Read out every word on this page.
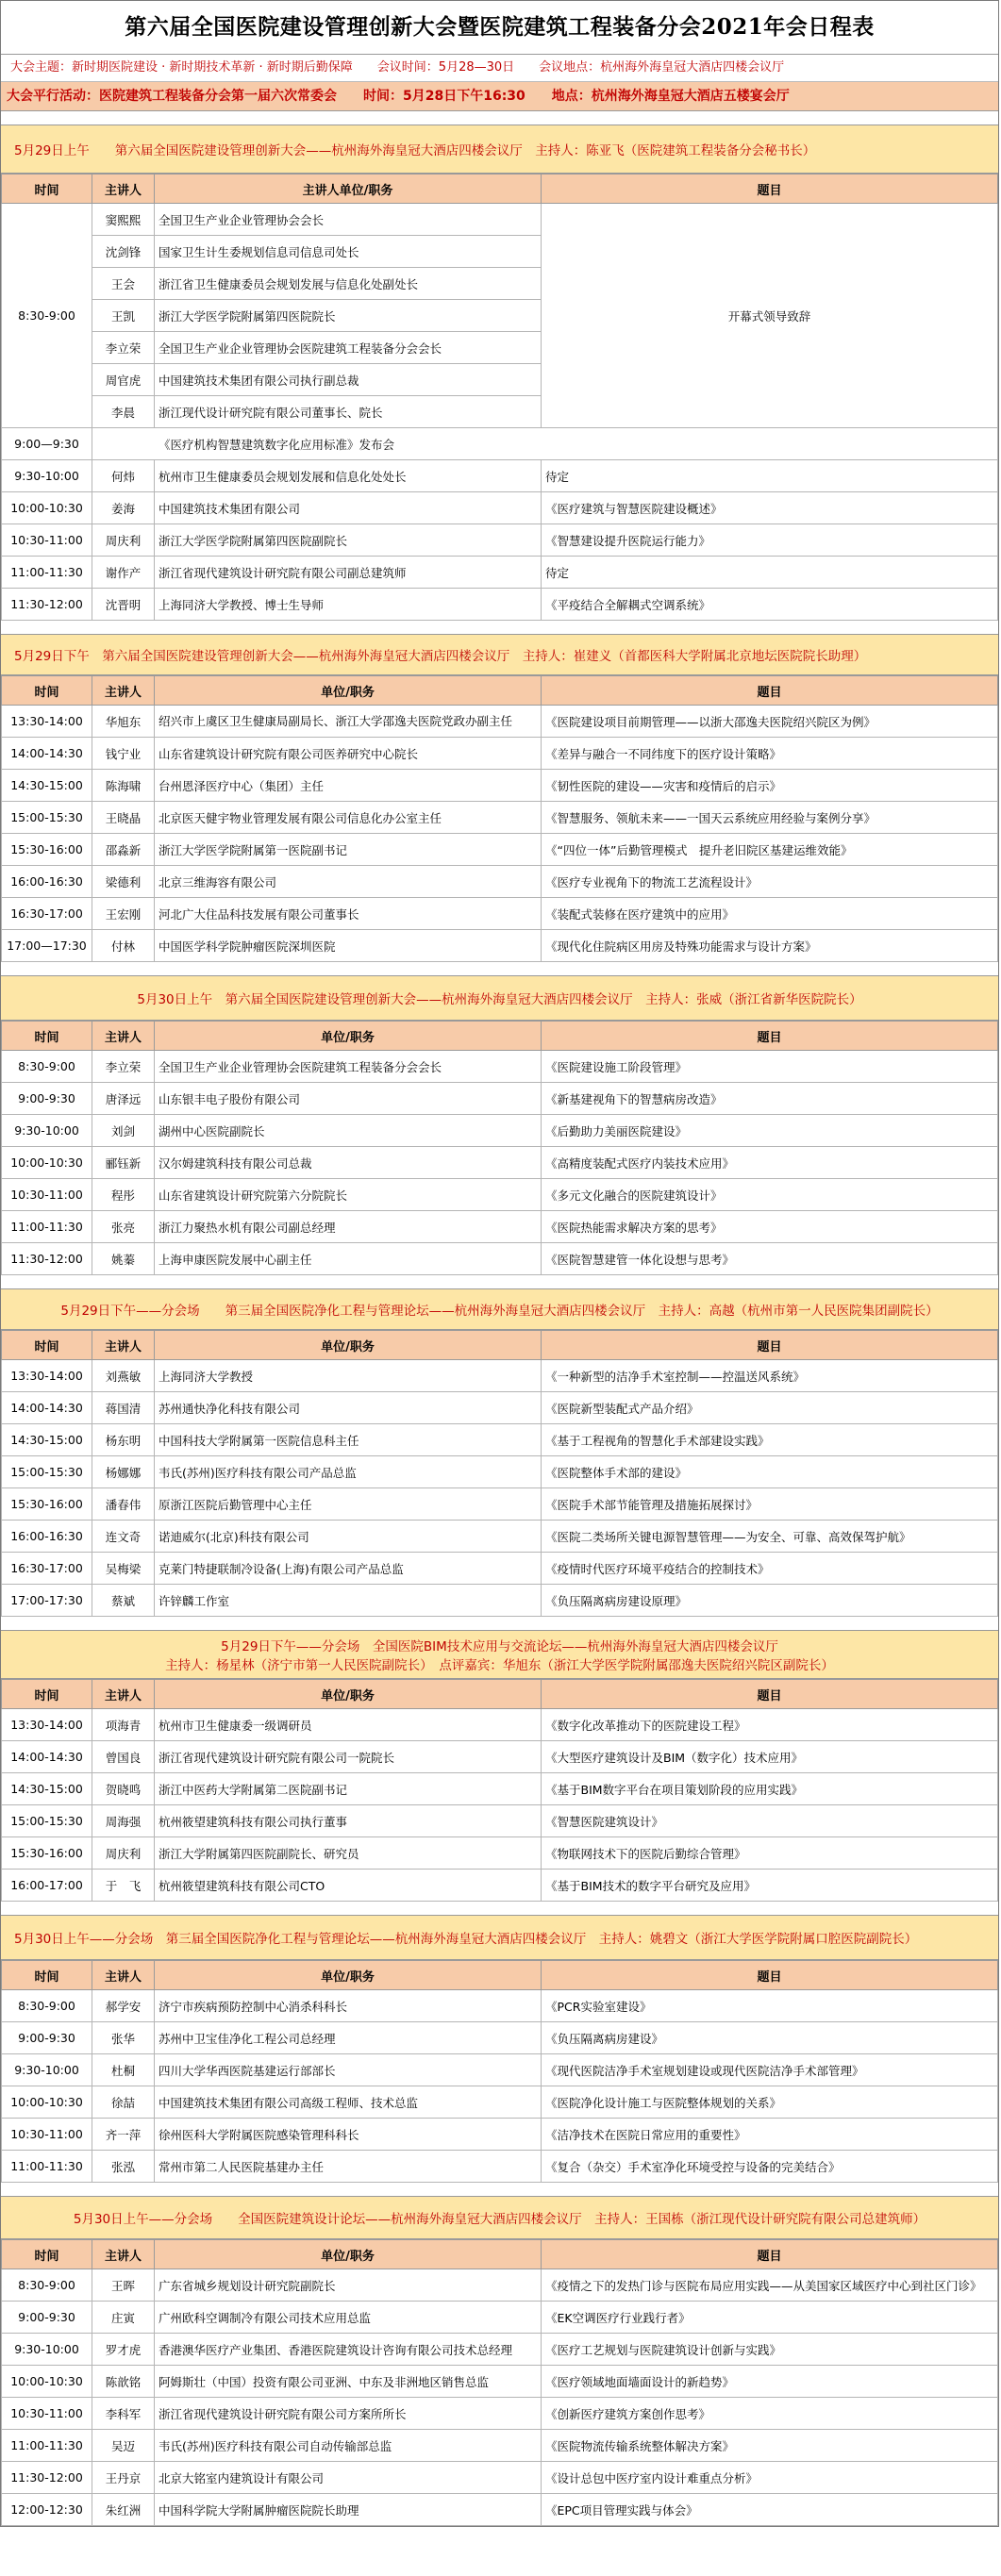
第六届全国医院建设管理创新大会暨医院建筑工程装备分会2021年会日程表
大会主题：新时期医院建设 · 新时期技术革新 · 新时期后勤保障　　会议时间：5月28—30日　　会议地点：杭州海外海皇冠大酒店四楼会议厅
大会平行活动：医院建筑工程装备分会第一届六次常委会　　时间：5月28日下午16:30　　地点：杭州海外海皇冠大酒店五楼宴会厅
5月29日上午　　第六届全国医院建设管理创新大会——杭州海外海皇冠大酒店四楼会议厅　主持人：陈亚飞（医院建筑工程装备分会秘书长）
时间	主讲人	主讲人单位/职务	题目
8:30-9:00	窦熙熙	全国卫生产业企业管理协会会长	开幕式领导致辞
	沈剑锋	国家卫生计生委规划信息司信息司处长	
	王会	浙江省卫生健康委员会规划发展与信息化处副处长	
	王凯	浙江大学医学院附属第四医院院长	
	李立荣	全国卫生产业企业管理协会医院建筑工程装备分会会长	
	周官虎	中国建筑技术集团有限公司执行副总裁	
	李晨	浙江现代设计研究院有限公司董事长、院长	
9:00—9:30	《医疗机构智慧建筑数字化应用标准》发布会		
9:30-10:00	何炜	杭州市卫生健康委员会规划发展和信息化处处长	待定
10:00-10:30	姜海	中国建筑技术集团有限公司	《医疗建筑与智慧医院建设概述》
10:30-11:00	周庆利	浙江大学医学院附属第四医院副院长	《智慧建设提升医院运行能力》
11:00-11:30	谢作产	浙江省现代建筑设计研究院有限公司副总建筑师	待定
11:30-12:00	沈晋明	上海同济大学教授、博士生导师	《平疫结合全解耦式空调系统》
5月29日下午　第六届全国医院建设管理创新大会——杭州海外海皇冠大酒店四楼会议厅　主持人：崔建义（首都医科大学附属北京地坛医院院长助理）
时间	主讲人	单位/职务	题目
13:30-14:00	华旭东	绍兴市上虞区卫生健康局副局长、浙江大学邵逸夫医院党政办副主任	《医院建设项目前期管理——以浙大邵逸夫医院绍兴院区为例》
14:00-14:30	钱宁业	山东省建筑设计研究院有限公司医养研究中心院长	《差异与融合一不同纬度下的医疗设计策略》
14:30-15:00	陈海啸	台州恩泽医疗中心（集团）主任	《韧性医院的建设——灾害和疫情后的启示》
15:00-15:30	王晓晶	北京医天健宇物业管理发展有限公司信息化办公室主任	《智慧服务、领航未来——一国天云系统应用经验与案例分享》
15:30-16:00	邵淼新	浙江大学医学院附属第一医院副书记	《“四位一体”后勤管理模式　提升老旧院区基建运维效能》
16:00-16:30	梁德利	北京三维海容有限公司	《医疗专业视角下的物流工艺流程设计》
16:30-17:00	王宏刚	河北广大住品科技发展有限公司董事长	《装配式装修在医疗建筑中的应用》
17:00—17:30	付林	中国医学科学院肿瘤医院深圳医院	《现代化住院病区用房及特殊功能需求与设计方案》
5月30日上午　第六届全国医院建设管理创新大会——杭州海外海皇冠大酒店四楼会议厅　主持人：张威（浙江省新华医院院长）
时间	主讲人	单位/职务	题目
8:30-9:00	李立荣	全国卫生产业企业管理协会医院建筑工程装备分会会长	《医院建设施工阶段管理》
9:00-9:30	唐泽远	山东银丰电子股份有限公司	《新基建视角下的智慧病房改造》
9:30-10:00	刘剑	湖州中心医院副院长	《后勤助力美丽医院建设》
10:00-10:30	郦钰新	汉尔姆建筑科技有限公司总裁	《高精度装配式医疗内装技术应用》
10:30-11:00	程彤	山东省建筑设计研究院第六分院院长	《多元文化融合的医院建筑设计》
11:00-11:30	张亮	浙江力聚热水机有限公司副总经理	《医院热能需求解决方案的思考》
11:30-12:00	姚蓁	上海申康医院发展中心副主任	《医院智慧建管一体化设想与思考》
5月29日下午——分会场　　第三届全国医院净化工程与管理论坛——杭州海外海皇冠大酒店四楼会议厅　主持人：高越（杭州市第一人民医院集团副院长）
时间	主讲人	单位/职务	题目
13:30-14:00	刘燕敏	上海同济大学教授	《一种新型的洁净手术室控制——控温送风系统》
14:00-14:30	蒋国清	苏州通快净化科技有限公司	《医院新型装配式产品介绍》
14:30-15:00	杨东明	中国科技大学附属第一医院信息科主任	《基于工程视角的智慧化手术部建设实践》
15:00-15:30	杨娜娜	韦氏(苏州)医疗科技有限公司产品总监	《医院整体手术部的建设》
15:30-16:00	潘春伟	原浙江医院后勤管理中心主任	《医院手术部节能管理及措施拓展探讨》
16:00-16:30	连文奇	诺迪威尔(北京)科技有限公司	《医院二类场所关键电源智慧管理——为安全、可靠、高效保驾护航》
16:30-17:00	吴梅梁	克莱门特捷联制冷设备(上海)有限公司产品总监	《疫情时代医疗环境平疫结合的控制技术》
17:00-17:30	蔡斌	许锌麟工作室	《负压隔离病房建设原理》
5月29日下午——分会场　全国医院BIM技术应用与交流论坛——杭州海外海皇冠大酒店四楼会议厅
主持人：杨星林（济宁市第一人民医院副院长）　点评嘉宾：华旭东（浙江大学医学院附属邵逸夫医院绍兴院区副院长）
时间	主讲人	单位/职务	题目
13:30-14:00	项海青	杭州市卫生健康委一级调研员	《数字化改革推动下的医院建设工程》
14:00-14:30	曾国良	浙江省现代建筑设计研究院有限公司一院院长	《大型医疗建筑设计及BIM（数字化）技术应用》
14:30-15:00	贺晓鸣	浙江中医药大学附属第二医院副书记	《基于BIM数字平台在项目策划阶段的应用实践》
15:00-15:30	周海强	杭州筱望建筑科技有限公司执行董事	《智慧医院建筑设计》
15:30-16:00	周庆利	浙江大学附属第四医院副院长、研究员	《物联网技术下的医院后勤综合管理》
16:00-17:00	于　飞	杭州筱望建筑科技有限公司CTO	《基于BIM技术的数字平台研究及应用》
5月30日上午——分会场　第三届全国医院净化工程与管理论坛——杭州海外海皇冠大酒店四楼会议厅　主持人：姚碧文（浙江大学医学院附属口腔医院副院长）
时间	主讲人	单位/职务	题目
8:30-9:00	郝学安	济宁市疾病预防控制中心消杀科科长	《PCR实验室建设》
9:00-9:30	张华	苏州中卫宝佳净化工程公司总经理	《负压隔离病房建设》
9:30-10:00	杜桐	四川大学华西医院基建运行部部长	《现代医院洁净手术室规划建设或现代医院洁净手术部管理》
10:00-10:30	徐喆	中国建筑技术集团有限公司高级工程师、技术总监	《医院净化设计施工与医院整体规划的关系》
10:30-11:00	齐一萍	徐州医科大学附属医院感染管理科科长	《洁净技术在医院日常应用的重要性》
11:00-11:30	张泓	常州市第二人民医院基建办主任	《复合（杂交）手术室净化环境受控与设备的完美结合》
5月30日上午——分会场　　全国医院建筑设计论坛——杭州海外海皇冠大酒店四楼会议厅　主持人：王国栋（浙江现代设计研究院有限公司总建筑师）
时间	主讲人	单位/职务	题目
8:30-9:00	王晖	广东省城乡规划设计研究院副院长	《疫情之下的发热门诊与医院布局应用实践——从美国家区域医疗中心到社区门诊》
9:00-9:30	庄寅	广州欧科空调制冷有限公司技术应用总监	《EK空调医疗行业践行者》
9:30-10:00	罗才虎	香港澳华医疗产业集团、香港医院建筑设计咨询有限公司技术总经理	《医疗工艺规划与医院建筑设计创新与实践》
10:00-10:30	陈歆铭	阿姆斯壮（中国）投资有限公司亚洲、中东及非洲地区销售总监	《医疗领域地面墙面设计的新趋势》
10:30-11:00	李科军	浙江省现代建筑设计研究院有限公司方案所所长	《创新医疗建筑方案创作思考》
11:00-11:30	吴迈	韦氏(苏州)医疗科技有限公司自动传输部总监	《医院物流传输系统整体解决方案》
11:30-12:00	王丹京	北京大铭室内建筑设计有限公司	《设计总包中医疗室内设计难重点分析》
12:00-12:30	朱红洲	中国科学院大学附属肿瘤医院院长助理	《EPC项目管理实践与体会》
